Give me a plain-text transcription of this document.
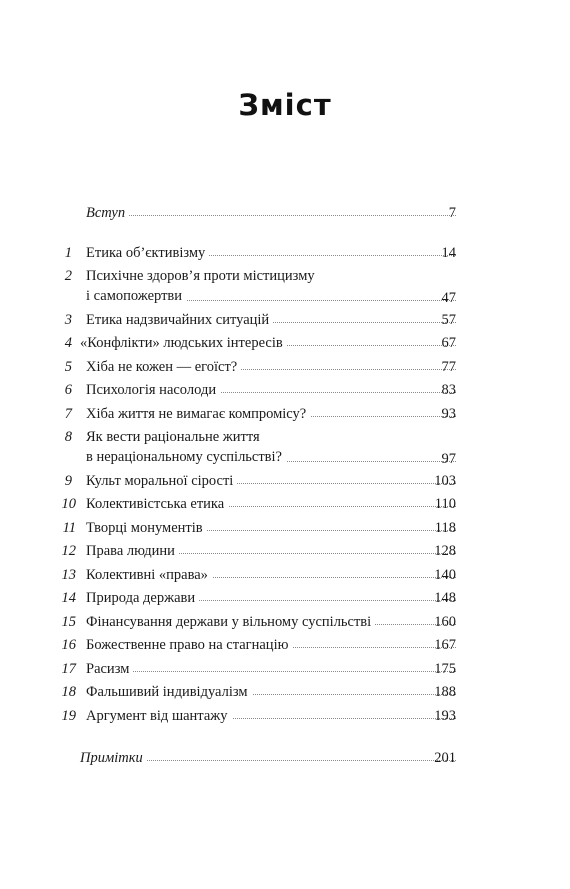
Зміст
Вступ	7
1 Етика об’єктивізму	14
2 Психічне здоров’я проти містицизму
і самопожертви	47
3 Етика надзвичайних ситуацій	57
4 «Конфлікти» людських інтересів	67
5 Хіба не кожен — егоїст?	77
6 Психологія насолоди	83
7 Хіба життя не вимагає компромісу?	93
8 Як вести раціональне життя
в нераціональному суспільстві?	97
9 Культ моральної сірості	103
10 Колективістська етика	110
11 Творці монументів	118
12 Права людини	128
13 Колективні «права»	140
14 Природа держави	148
15 Фінансування держави у вільному суспільстві	160
16 Божественне право на стагнацію	167
17 Расизм	175
18 Фальшивий індивідуалізм	188
19 Аргумент від шантажу	193
Примітки	201
